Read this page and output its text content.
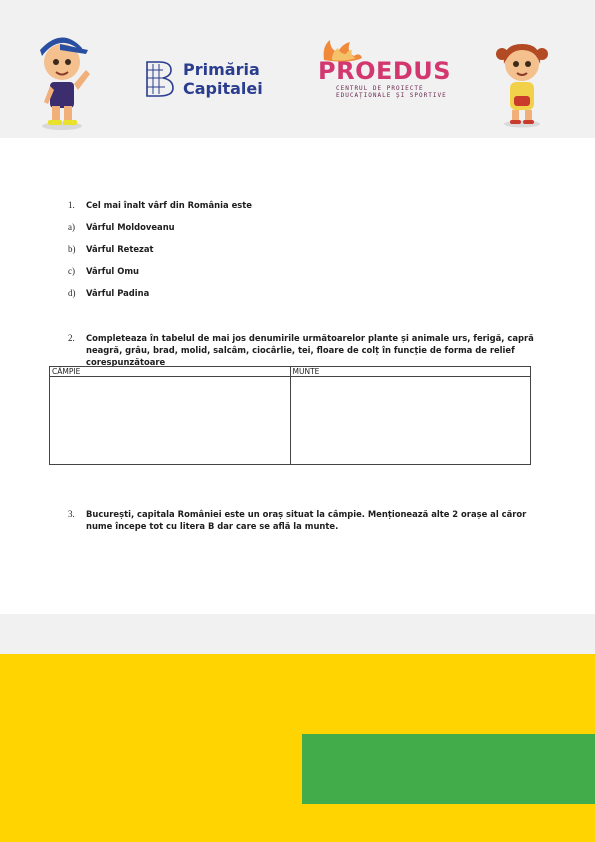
Primăria
Capitalei
PROEDUS
CENTRUL DE PROIECTE
EDUCAȚIONALE ȘI SPORTIVE
1. Cel mai înalt vârf din România este
a) Vârful Moldoveanu
b) Vârful Retezat
c) Vârful Omu
d) Vârful Padina
2. Completeaza în tabelul de mai jos denumirile următoarelor plante și animale urs, ferigă, capră neagră, grâu, brad, molid, salcâm, ciocârlie, tei, floare de colț în funcție de forma de relief corespunzătoare
CÂMPIE	MUNTE

3. București, capitala României este un oraș situat la câmpie. Menționează alte 2 orașe al căror nume începe tot cu litera B dar care se află la munte.
